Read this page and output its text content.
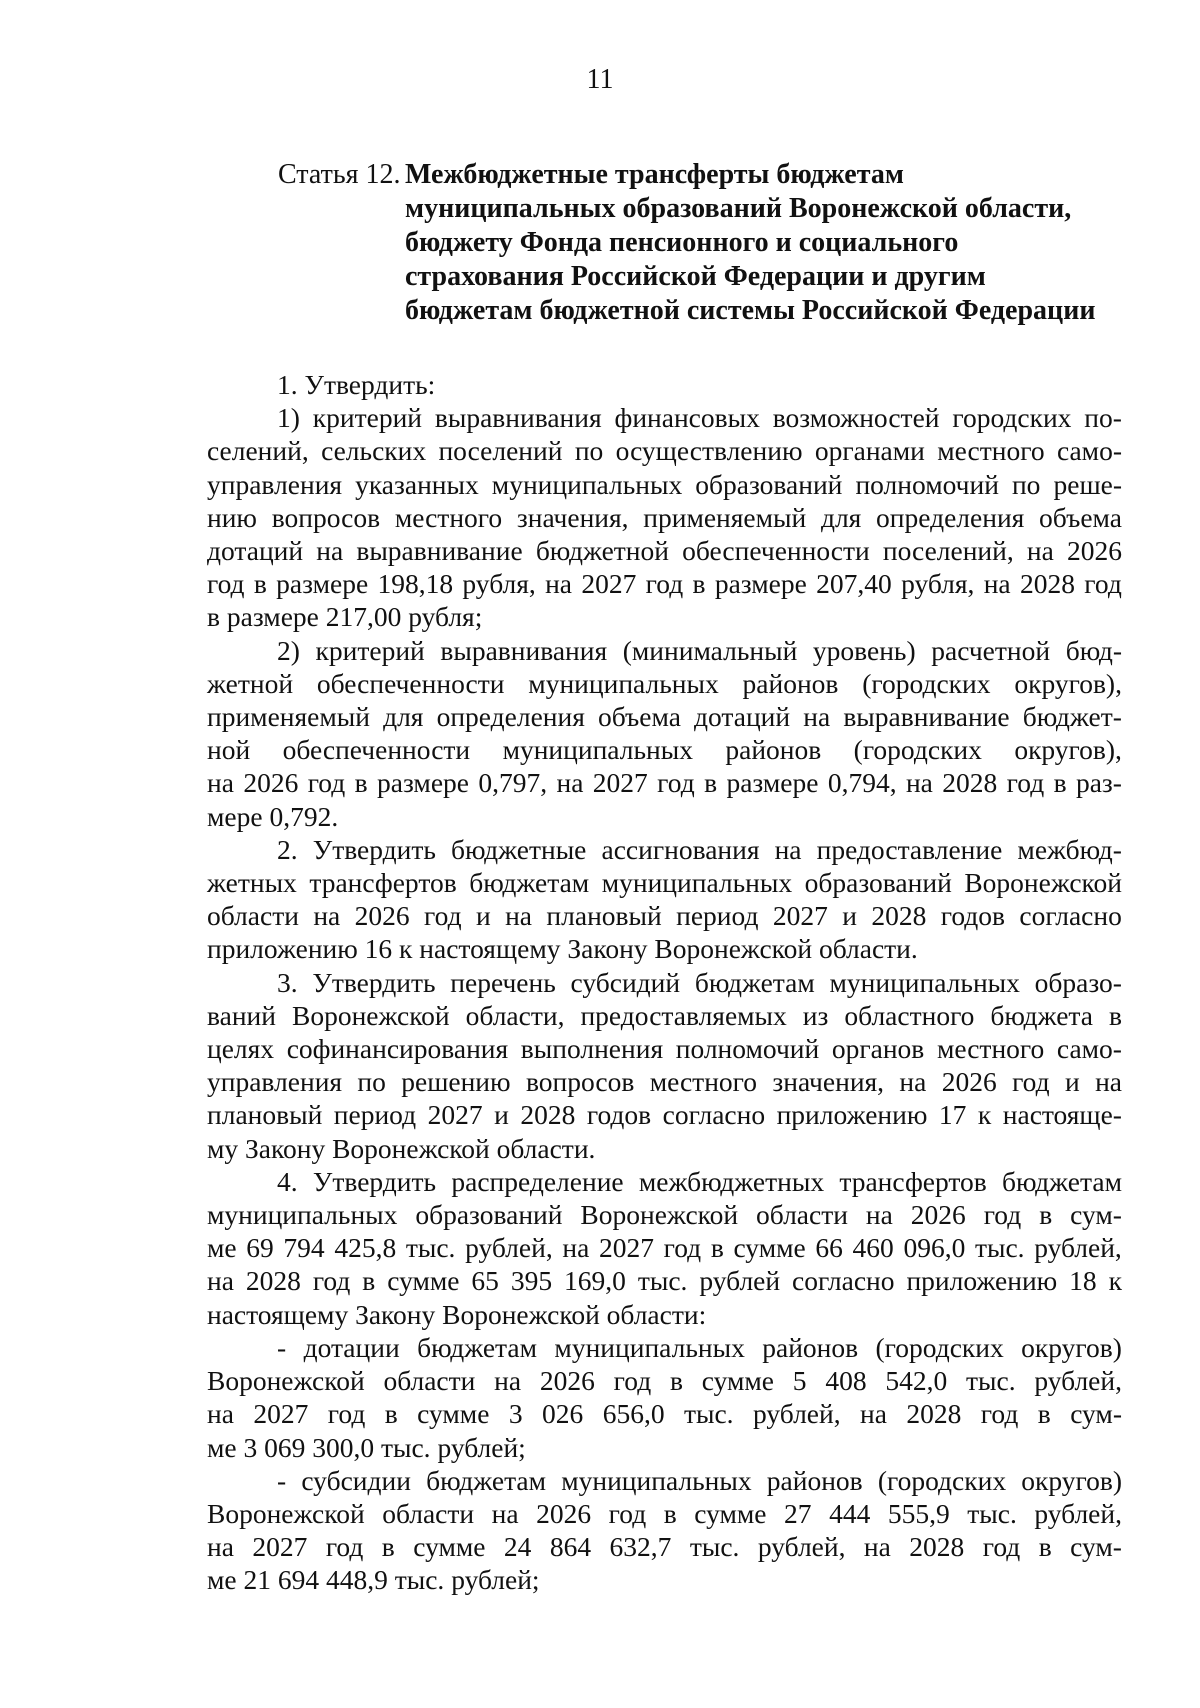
11
Статья 12. Межбюджетные трансферты бюджетам
муниципальных образований Воронежской области,
бюджету Фонда пенсионного и социального
страхования Российской Федерации и другим
бюджетам бюджетной системы Российской Федерации
1. Утвердить:
1) критерий выравнивания финансовых возможностей городских по-
селений, сельских поселений по осуществлению органами местного само-
управления указанных муниципальных образований полномочий по реше-
нию вопросов местного значения, применяемый для определения объема
дотаций на выравнивание бюджетной обеспеченности поселений, на 2026
год в размере 198,18 рубля, на 2027 год в размере 207,40 рубля, на 2028 год
в размере 217,00 рубля;
2) критерий выравнивания (минимальный уровень) расчетной бюд-
жетной обеспеченности муниципальных районов (городских округов),
применяемый для определения объема дотаций на выравнивание бюджет-
ной обеспеченности муниципальных районов (городских округов),
на 2026 год в размере 0,797, на 2027 год в размере 0,794, на 2028 год в раз-
мере 0,792.
2. Утвердить бюджетные ассигнования на предоставление межбюд-
жетных трансфертов бюджетам муниципальных образований Воронежской
области на 2026 год и на плановый период 2027 и 2028 годов согласно
приложению 16 к настоящему Закону Воронежской области.
3. Утвердить перечень субсидий бюджетам муниципальных образо-
ваний Воронежской области, предоставляемых из областного бюджета в
целях софинансирования выполнения полномочий органов местного само-
управления по решению вопросов местного значения, на 2026 год и на
плановый период 2027 и 2028 годов согласно приложению 17 к настояще-
му Закону Воронежской области.
4. Утвердить распределение межбюджетных трансфертов бюджетам
муниципальных образований Воронежской области на 2026 год в сум-
ме 69 794 425,8 тыс. рублей, на 2027 год в сумме 66 460 096,0 тыс. рублей,
на 2028 год в сумме 65 395 169,0 тыс. рублей согласно приложению 18 к
настоящему Закону Воронежской области:
- дотации бюджетам муниципальных районов (городских округов)
Воронежской области на 2026 год в сумме 5 408 542,0 тыс. рублей,
на 2027 год в сумме 3 026 656,0 тыс. рублей, на 2028 год в сум-
ме 3 069 300,0 тыс. рублей;
- субсидии бюджетам муниципальных районов (городских округов)
Воронежской области на 2026 год в сумме 27 444 555,9 тыс. рублей,
на 2027 год в сумме 24 864 632,7 тыс. рублей, на 2028 год в сум-
ме 21 694 448,9 тыс. рублей;
